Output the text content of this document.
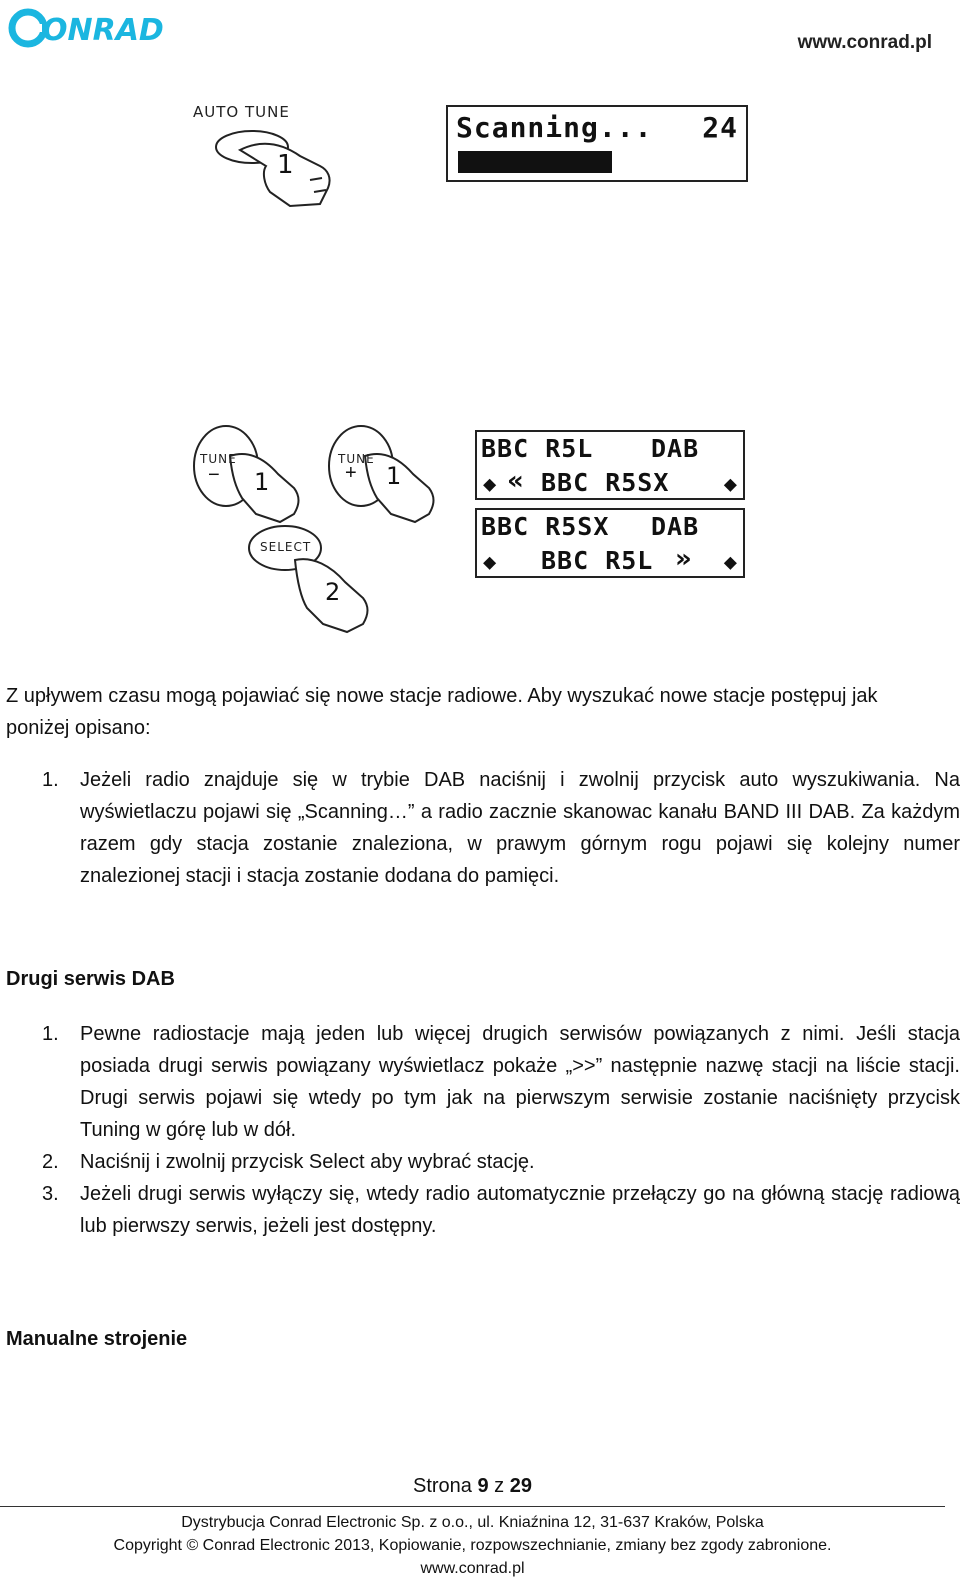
ONRAD	www.conrad.pl
AUTO TUNE
1
Scanning... 24
TUNE
− 1
TUNE
+ 1
SELECT
2
BBC R5L DAB
◆ « BBC R5SX ◆
BBC R5SX DAB
◆ BBC R5L » ◆
Z upływem czasu mogą pojawiać się nowe stacje radiowe. Aby wyszukać nowe stacje postępuj jak poniżej opisano:
1. Jeżeli radio znajduje się w trybie DAB naciśnij i zwolnij przycisk auto wyszukiwania. Na wyświetlaczu pojawi się „Scanning…” a radio zacznie skanowac kanału BAND III DAB. Za każdym razem gdy stacja zostanie znaleziona, w prawym górnym rogu pojawi się kolejny numer znalezionej stacji i stacja zostanie dodana do pamięci.
Drugi serwis DAB
1. Pewne radiostacje mają jeden lub więcej drugich serwisów powiązanych z nimi. Jeśli stacja posiada drugi serwis powiązany wyświetlacz pokaże „>>” następnie nazwę stacji na liście stacji. Drugi serwis pojawi się wtedy po tym jak na pierwszym serwisie zostanie naciśnięty przycisk Tuning w górę lub w dół.
2. Naciśnij i zwolnij przycisk Select aby wybrać stację.
3. Jeżeli drugi serwis wyłączy się, wtedy radio automatycznie przełączy go na główną stację radiową lub pierwszy serwis, jeżeli jest dostępny.
Manualne strojenie
Strona 9 z 29
Dystrybucja Conrad Electronic Sp. z o.o., ul. Kniaźnina 12, 31-637 Kraków, Polska
Copyright © Conrad Electronic 2013, Kopiowanie, rozpowszechnianie, zmiany bez zgody zabronione.
www.conrad.pl
